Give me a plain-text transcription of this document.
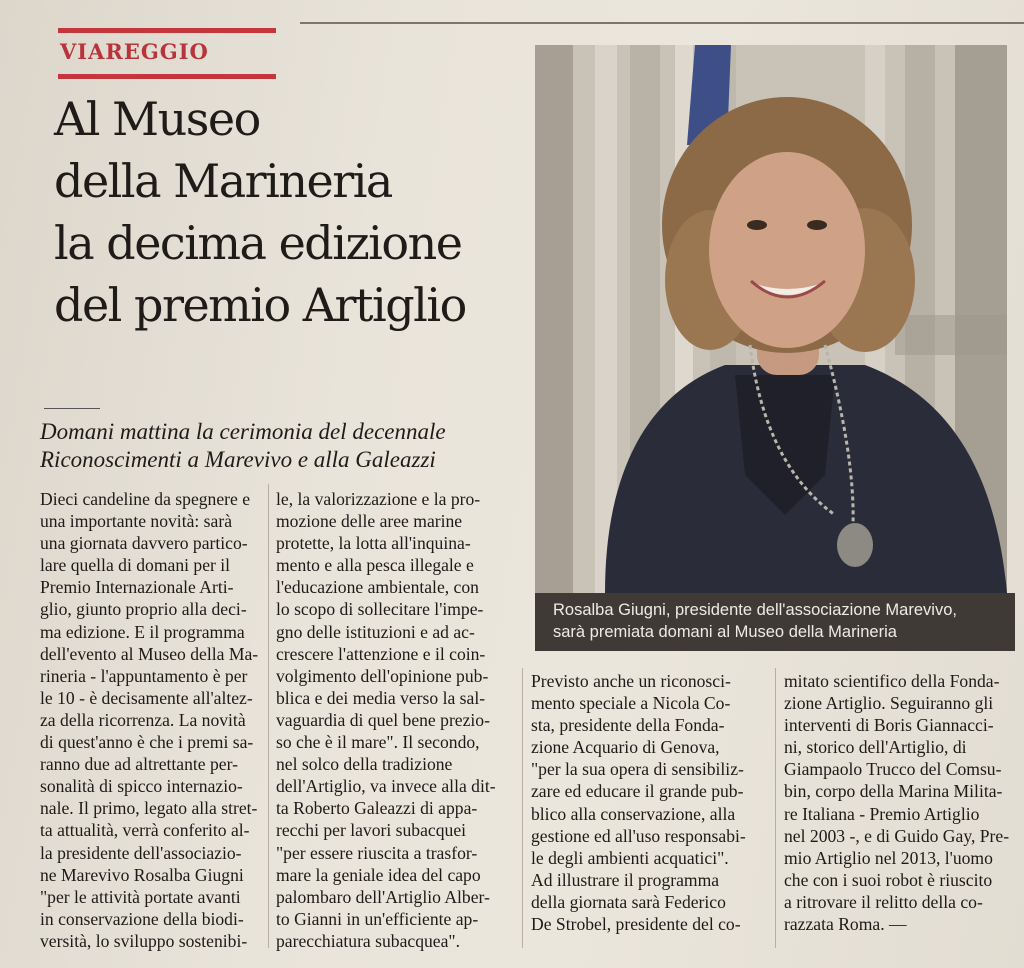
VIAREGGIO
Al Museo
della Marineria
la decima edizione
del premio Artiglio
Domani mattina la cerimonia del decennale
Riconoscimenti a Marevivo e alla Galeazzi
Rosalba Giugni, presidente dell'associazione Marevivo,
sarà premiata domani al Museo della Marineria
Dieci candeline da spegnere e
una importante novità: sarà
una giornata davvero partico-
lare quella di domani per il
Premio Internazionale Arti-
glio, giunto proprio alla deci-
ma edizione. E il programma
dell'evento al Museo della Ma-
rineria - l'appuntamento è per
le 10 - è decisamente all'altez-
za della ricorrenza. La novità
di quest'anno è che i premi sa-
ranno due ad altrettante per-
sonalità di spicco internazio-
nale. Il primo, legato alla stret-
ta attualità, verrà conferito al-
la presidente dell'associazio-
ne Marevivo Rosalba Giugni
"per le attività portate avanti
in conservazione della biodi-
versità, lo sviluppo sostenibi-
le, la valorizzazione e la pro-
mozione delle aree marine
protette, la lotta all'inquina-
mento e alla pesca illegale e
l'educazione ambientale, con
lo scopo di sollecitare l'impe-
gno delle istituzioni e ad ac-
crescere l'attenzione e il coin-
volgimento dell'opinione pub-
blica e dei media verso la sal-
vaguardia di quel bene prezio-
so che è il mare". Il secondo,
nel solco della tradizione
dell'Artiglio, va invece alla dit-
ta Roberto Galeazzi di appa-
recchi per lavori subacquei
"per essere riuscita a trasfor-
mare la geniale idea del capo
palombaro dell'Artiglio Alber-
to Gianni in un'efficiente ap-
parecchiatura subacquea".
Previsto anche un riconosci-
mento speciale a Nicola Co-
sta, presidente della Fonda-
zione Acquario di Genova,
"per la sua opera di sensibiliz-
zare ed educare il grande pub-
blico alla conservazione, alla
gestione ed all'uso responsabi-
le degli ambienti acquatici".
Ad illustrare il programma
della giornata sarà Federico
De Strobel, presidente del co-
mitato scientifico della Fonda-
zione Artiglio. Seguiranno gli
interventi di Boris Giannacci-
ni, storico dell'Artiglio, di
Giampaolo Trucco del Comsu-
bin, corpo della Marina Milita-
re Italiana - Premio Artiglio
nel 2003 -, e di Guido Gay, Pre-
mio Artiglio nel 2013, l'uomo
che con i suoi robot è riuscito
a ritrovare il relitto della co-
razzata Roma. —
